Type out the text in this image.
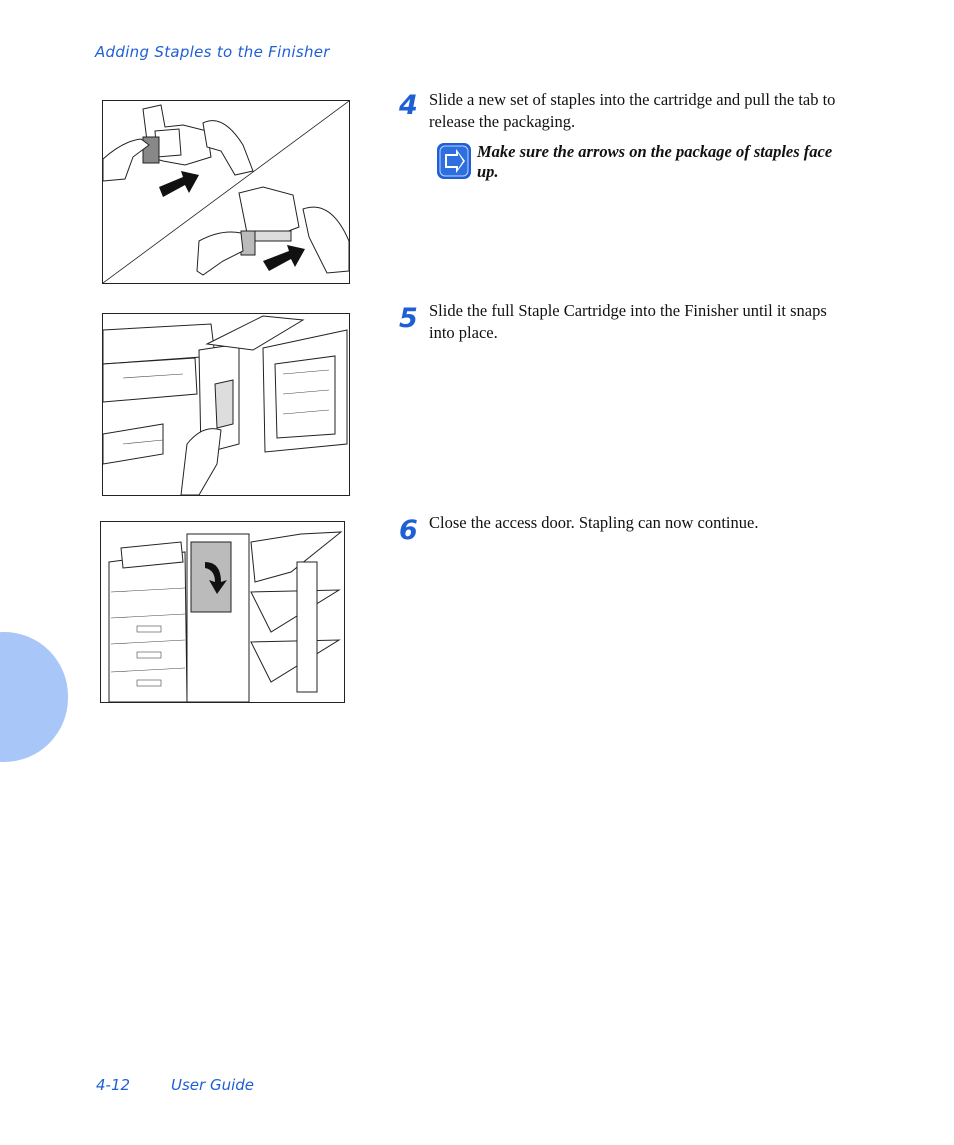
Adding Staples to the Finisher
4 Slide a new set of staples into the cartridge and pull the tab to release the packaging.
Make sure the arrows on the package of staples face up.
5 Slide the full Staple Cartridge into the Finisher until it snaps into place.
6 Close the access door. Stapling can now continue.
4-12	User Guide
